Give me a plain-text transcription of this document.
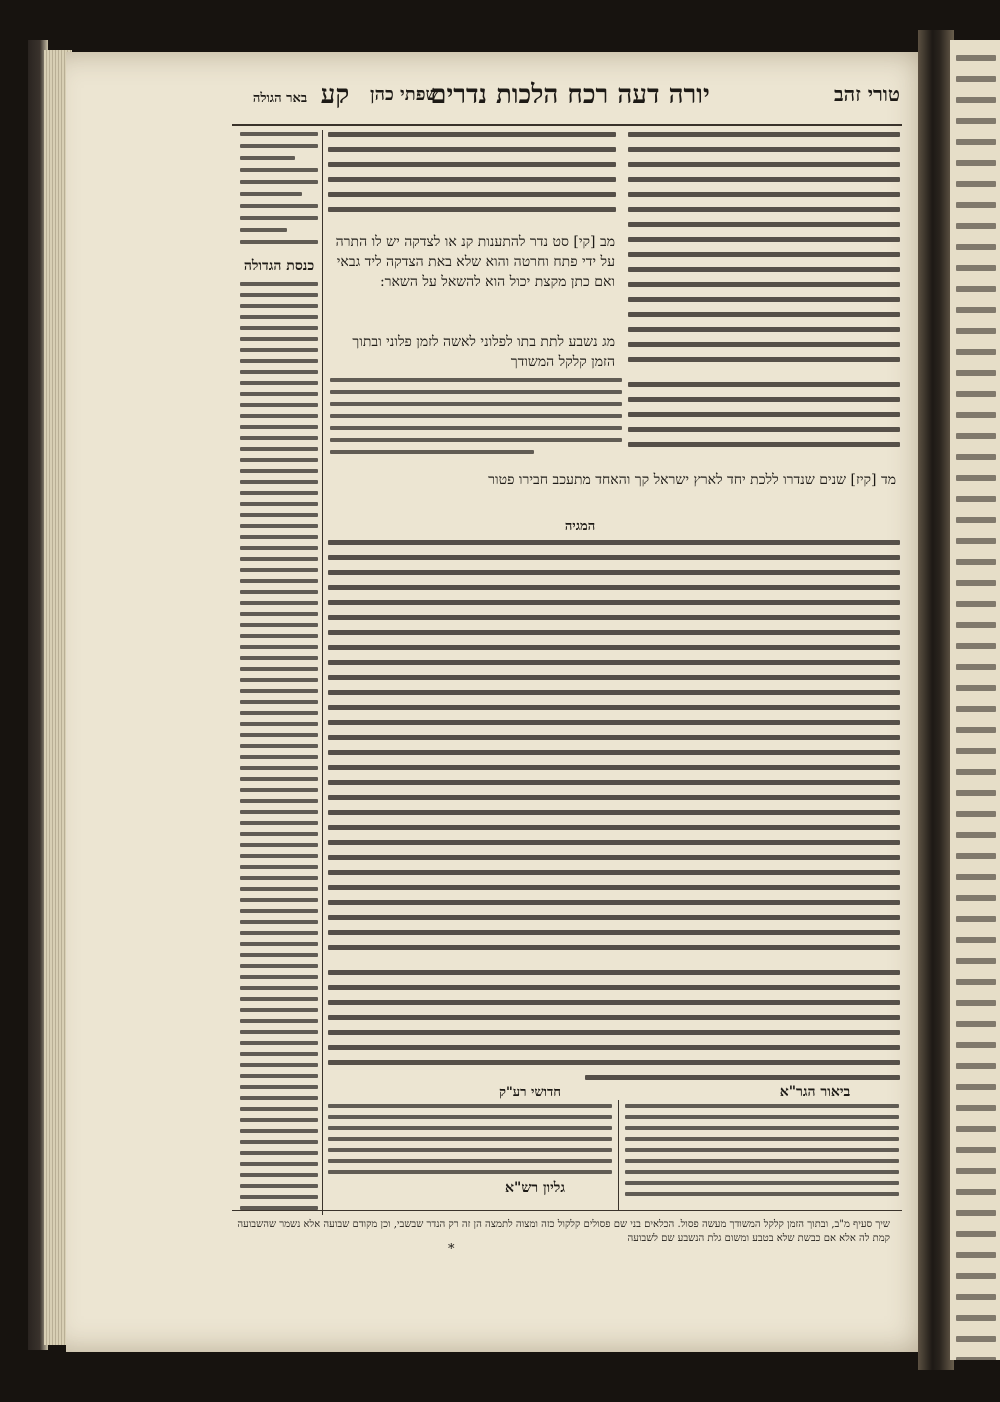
טורי זהב
יורה דעה רכח הלכות נדרים
שפתי כהן
קע
באר הגולה
כנסת הגדולה
מב [קי] סט נדר להתענות קנ או לצדקה יש לו התרה על ידי פתח וחרטה והוא שלא באת הצדקה ליד גבאי ואם כתן מקצת יכול הוא להשאל על השאר:
מג נשבע לתת בתו לפלוני לאשה לזמן פלוני ובתוך הזמן קלקל המשודך
מד [קיז] שנים שנדרו ללכת יחד לארץ ישראל קך והאחד מתעכב חבירו פטור
המגיה
ביאור הגר"א
חדושי רע"ק
גליון רש"א
שיך סעיף מ"ב, ובתוך הזמן קלקל המשודך מעשה פסול. הכלאים בני שם פסולים קלקול כזה ומצוה לתמצה הן זה רק הנדר שבשבי, וכן מקודם שבועה אלא נשמר שהשבועה קמת לה אלא אם כבשת שלא בטבע ומשום גלת הנשבע שם לשבועה
*
